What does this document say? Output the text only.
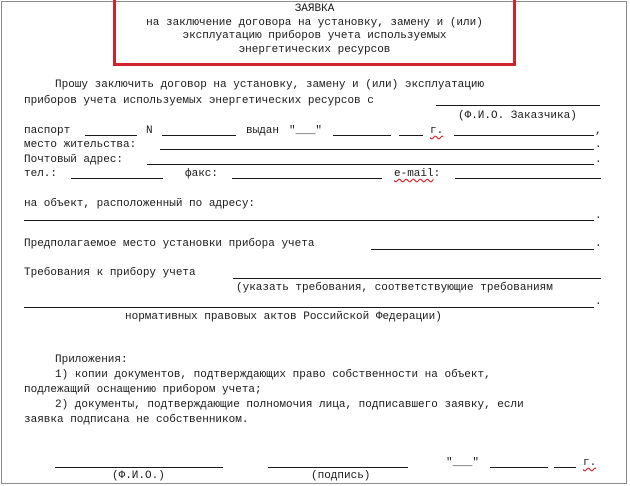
ЗАЯВКА
на заключение договора на установку, замену и (или)
эксплуатацию приборов учета используемых
энергетических ресурсов
Прошу заключить договор на установку, замену и (или) эксплуатацию
приборов учета используемых энергетических ресурсов с
(Ф.И.О. Заказчика)
паспорт	N	выдан "___"	г.	,
место жительства:	.
Почтовый адрес:	.
тел.:	факс:	e-mail:
на объект, расположенный по адресу:
.
Предполагаемое место установки прибора учета	.
Требования к прибору учета
(указать требования, соответствующие требованиям
.
нормативных правовых актов Российской Федерации)
Приложения:
1) копии документов, подтверждающих право собственности на объект,
подлежащий оснащению прибором учета;
2) документы, подтверждающие полномочия лица, подписавшего заявку, если
заявка подписана не собственником.
(Ф.И.О.)	(подпись)
"___"	г.
